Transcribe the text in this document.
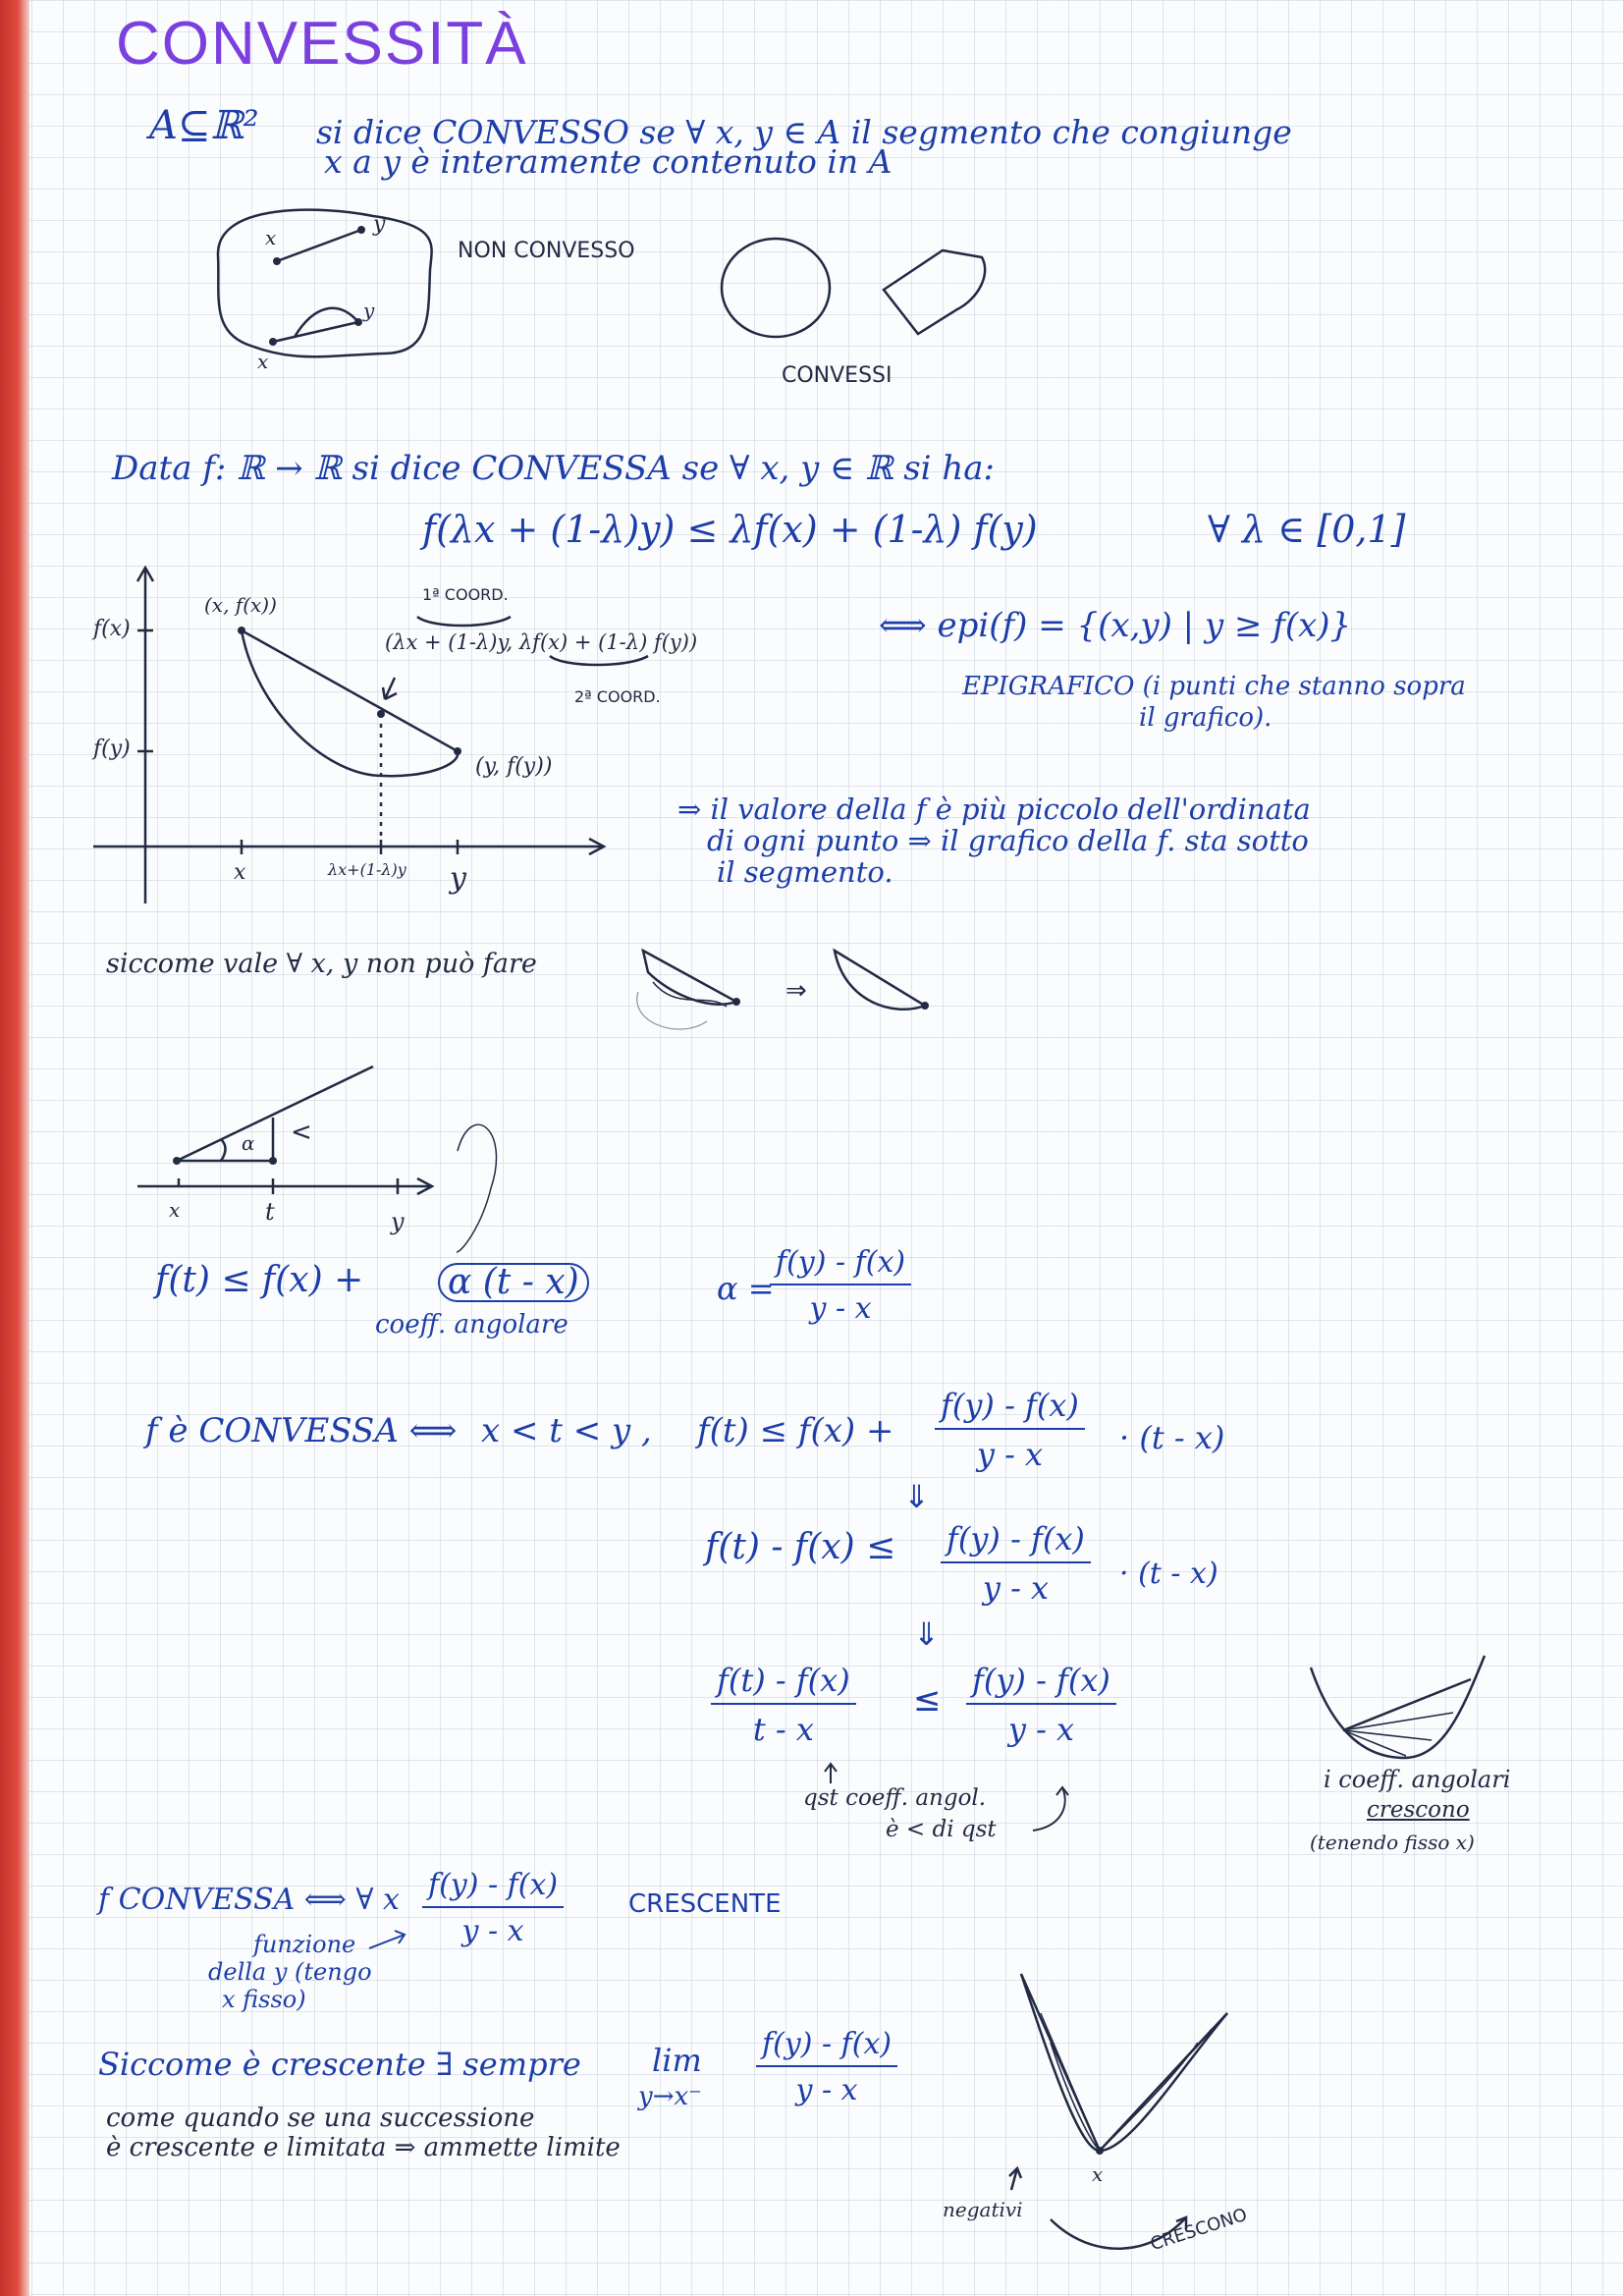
CONVESSITÀ
A⊆ℝ² si dice CONVESSO se ∀ x, y ∈ A il segmento che congiunge
x a y è interamente contenuto in A
x
y
y
x
NON CONVESSO
CONVESSI
Data f: ℝ → ℝ si dice CONVESSA se ∀ x, y ∈ ℝ si ha:
f(λx + (1-λ)y) ≤ λf(x) + (1-λ) f(y)	∀ λ ∈ [0,1]
f(x)
f(y)
(x, f(x))
(y, f(y))
1ª COORD.
(λx + (1-λ)y, λf(x) + (1-λ) f(y))
2ª COORD.
x	λx+(1-λ)y y
⟺ epi(f) = {(x,y) | y ≥ f(x)}
EPIGRAFICO (i punti che stanno sopra
il grafico).
⇒ il valore della f è più piccolo dell'ordinata
di ogni punto ⇒ il grafico della f. sta sotto
il segmento.
siccome vale ∀ x, y non può fare
⇒
α <
x	t	y
f(t) ≤ f(x) + α (t - x)
coeff. angolare
α =
$\frac{f(y) - f(x)}{y - x}$
f è CONVESSA ⟺ x < t < y , $f(t) \le f(x) + \frac{f(y) - f(x)}{y - x} \cdot (t - x)$
⇓
$f(t) - f(x) \le \frac{f(y) - f(x)}{y - x} \cdot (t - x)$
⇓
$\frac{f(t) - f(x)}{t - x} \le \frac{f(y) - f(x)}{y - x}$
qst coeff. angol.
è < di qst
i coeff. angolari
crescono
(tenendo fisso x)
f CONVESSA ⟺ ∀ x $\frac{f(y) - f(x)}{y - x}$	CRESCENTE
funzione
della y (tengo
x fisso)
Siccome è crescente ∃ sempre lim
$y\to x^- \frac{f(y) - f(x)}{y - x}$
come quando se una successione
è crescente e limitata ⇒ ammette limite
x
negativi	CRESCONO
